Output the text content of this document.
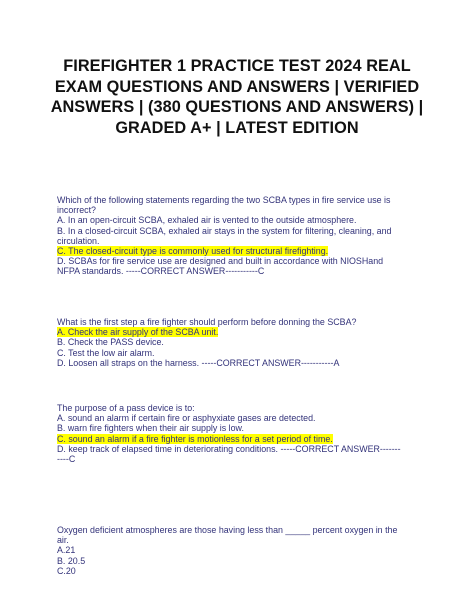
FIREFIGHTER 1 PRACTICE TEST 2024 REAL EXAM QUESTIONS AND ANSWERS | VERIFIED ANSWERS | (380 QUESTIONS AND ANSWERS) | GRADED A+ | LATEST EDITION
Which of the following statements regarding the two SCBA types in fire service use is
incorrect?
A. In an open-circuit SCBA, exhaled air is vented to the outside atmosphere.
B. In a closed-circuit SCBA, exhaled air stays in the system for filtering, cleaning, and
circulation.
C. The closed-circuit type is commonly used for structural firefighting.
D. SCBAs for fire service use are designed and built in accordance with NIOSHand
NFPA standards. -----CORRECT ANSWER-----------C
What is the first step a fire fighter should perform before donning the SCBA?
A. Check the air supply of the SCBA unit.
B. Check the PASS device.
C. Test the low air alarm.
D. Loosen all straps on the harness. -----CORRECT ANSWER-----------A
The purpose of a pass device is to:
A. sound an alarm if certain fire or asphyxiate gases are detected.
B. warn fire fighters when their air supply is low.
C. sound an alarm if a fire fighter is motionless for a set period of time.
D. keep track of elapsed time in deteriorating conditions. -----CORRECT ANSWER-------
----C
Oxygen deficient atmospheres are those having less than _____ percent oxygen in the
air.
A.21
B. 20.5
C.20
